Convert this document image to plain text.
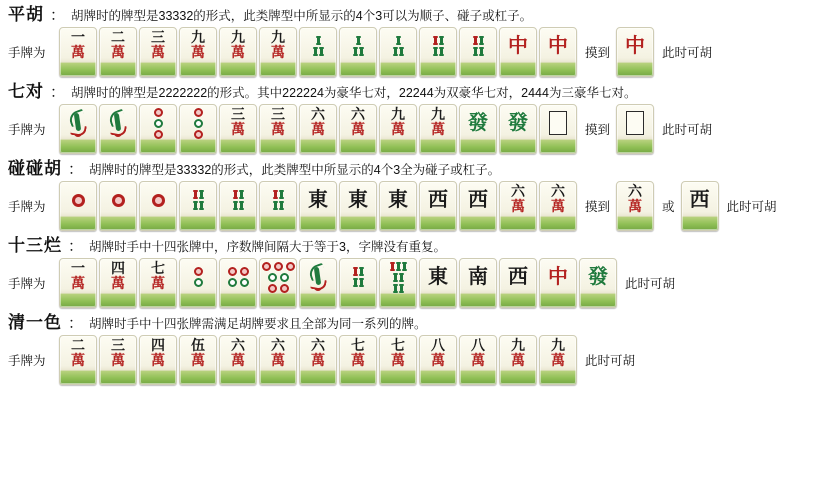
平胡 ： 胡牌时的牌型是33332的形式，此类牌型中所显示的4个3可以为顺子、碰子或杠子。
手牌为
一
萬
二
萬
三
萬
九
萬
九
萬
九
萬	中 中 摸到 中 此时可胡
七对 ： 胡牌时的牌型是2222222的形式。其中222224为豪华七对，22244为双豪华七对，2444为三豪华七对。
手牌为
三
萬
三
萬
六
萬
六
萬
九
萬
九
萬 發 發	摸到	此时可胡
碰碰胡 ： 胡牌时的牌型是33332的形式，此类牌型中所显示的4个3全为碰子或杠子。
手牌为	東 東 東 西 西 六
萬
六
萬 摸到
六
萬 或 西 此时可胡
十三烂 ： 胡牌时手中十四张牌中，序数牌间隔大于等于3，字牌没有重复。
手牌为
一
萬
四
萬
七
萬	東 南 西 中 發 此时可胡
清一色 ： 胡牌时手中十四张牌需满足胡牌要求且全部为同一系列的牌。
手牌为
二
萬
三
萬
四
萬
伍
萬
六
萬
六
萬
六
萬
七
萬
七
萬
八
萬
八
萬
九
萬
九
萬 此时可胡
